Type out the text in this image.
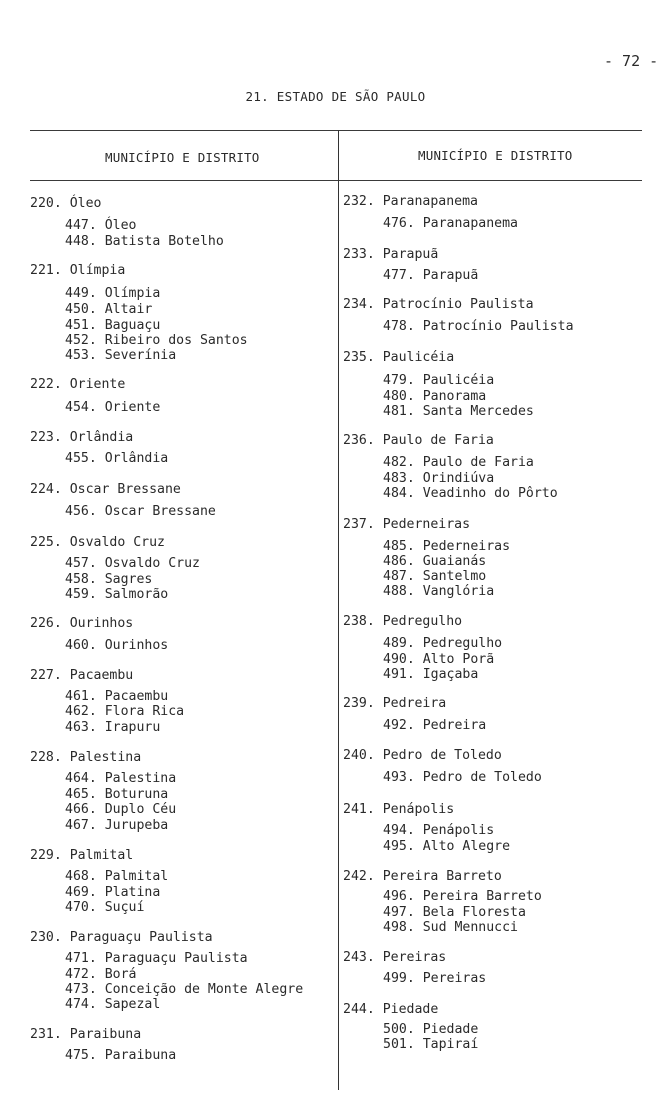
- 72 -
21. ESTADO DE SÃO PAULO
MUNICÍPIO E DISTRITO	MUNICÍPIO E DISTRITO
220. Óleo
447. Óleo
448. Batista Botelho
221. Olímpia
449. Olímpia
450. Altair
451. Baguaçu
452. Ribeiro dos Santos
453. Severínia
222. Oriente
454. Oriente
223. Orlândia
455. Orlândia
224. Oscar Bressane
456. Oscar Bressane
225. Osvaldo Cruz
457. Osvaldo Cruz
458. Sagres
459. Salmorão
226. Ourinhos
460. Ourinhos
227. Pacaembu
461. Pacaembu
462. Flora Rica
463. Irapuru
228. Palestina
464. Palestina
465. Boturuna
466. Duplo Céu
467. Jurupeba
229. Palmital
468. Palmital
469. Platina
470. Suçuí
230. Paraguaçu Paulista
471. Paraguaçu Paulista
472. Borá
473. Conceição de Monte Alegre
474. Sapezal
231. Paraibuna
475. Paraibuna
232. Paranapanema
476. Paranapanema
233. Parapuã
477. Parapuã
234. Patrocínio Paulista
478. Patrocínio Paulista
235. Paulicéia
479. Paulicéia
480. Panorama
481. Santa Mercedes
236. Paulo de Faria
482. Paulo de Faria
483. Orindiúva
484. Veadinho do Pôrto
237. Pederneiras
485. Pederneiras
486. Guaianás
487. Santelmo
488. Vanglória
238. Pedregulho
489. Pedregulho
490. Alto Porã
491. Igaçaba
239. Pedreira
492. Pedreira
240. Pedro de Toledo
493. Pedro de Toledo
241. Penápolis
494. Penápolis
495. Alto Alegre
242. Pereira Barreto
496. Pereira Barreto
497. Bela Floresta
498. Sud Mennucci
243. Pereiras
499. Pereiras
244. Piedade
500. Piedade
501. Tapiraí
